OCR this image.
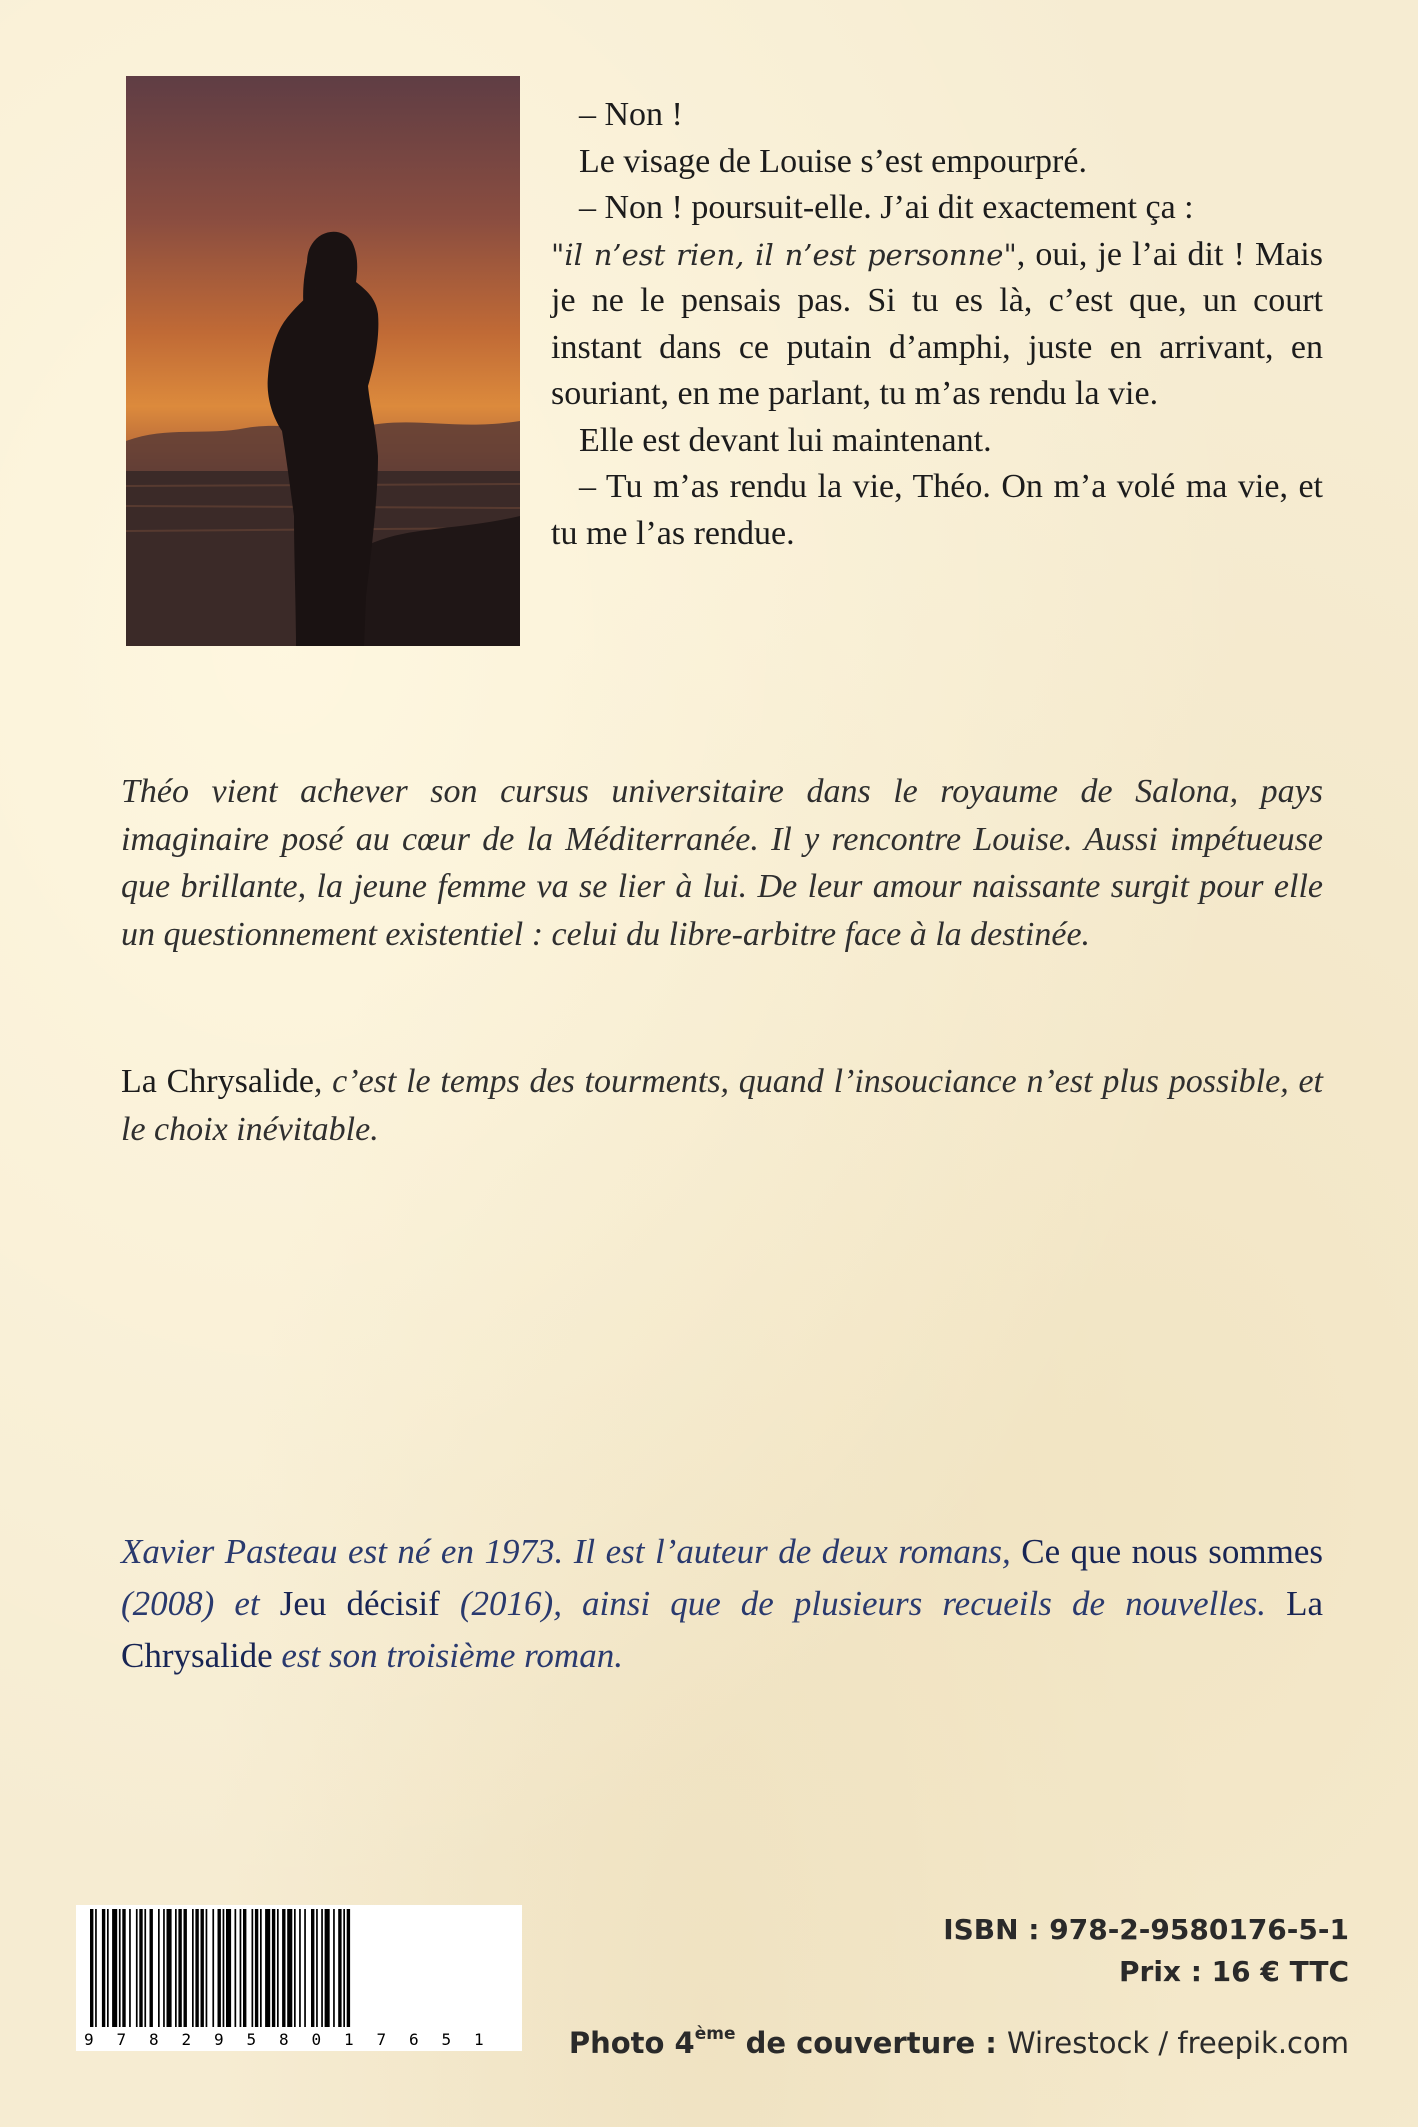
– Non !

Le visage de Louise s’est empourpré.

– Non ! poursuit-elle. J’ai dit exactement ça :

"il n’est rien, il n’est personne", oui, je l’ai dit ! Mais je ne le pensais pas. Si tu es là, c’est que, un court instant dans ce putain d’amphi, juste en arrivant, en souriant, en me parlant, tu m’as rendu la vie.

Elle est devant lui maintenant.

– Tu m’as rendu la vie, Théo. On m’a volé ma vie, et tu me l’as rendue.

Théo vient achever son cursus universitaire dans le royaume de Salona, pays imaginaire posé au cœur de la Méditerranée. Il y rencontre Louise. Aussi impétueuse que brillante, la jeune femme va se lier à lui. De leur amour naissante surgit pour elle un questionnement existentiel : celui du libre-arbitre face à la destinée.

La Chrysalide, c’est le temps des tourments, quand l’insouciance n’est plus possible, et le choix inévitable.
Xavier Pasteau est né en 1973. Il est l’auteur de deux romans, Ce que nous sommes (2008) et Jeu décisif (2016), ainsi que de plusieurs recueils de nouvelles. La Chrysalide est son troisième roman.
9 7 8 2 9 5 8 0 1 7 6 5 1
ISBN : 978-2-9580176-5-1
Prix : 16 € TTC
Photo 4ème de couverture : Wirestock / freepik.com
